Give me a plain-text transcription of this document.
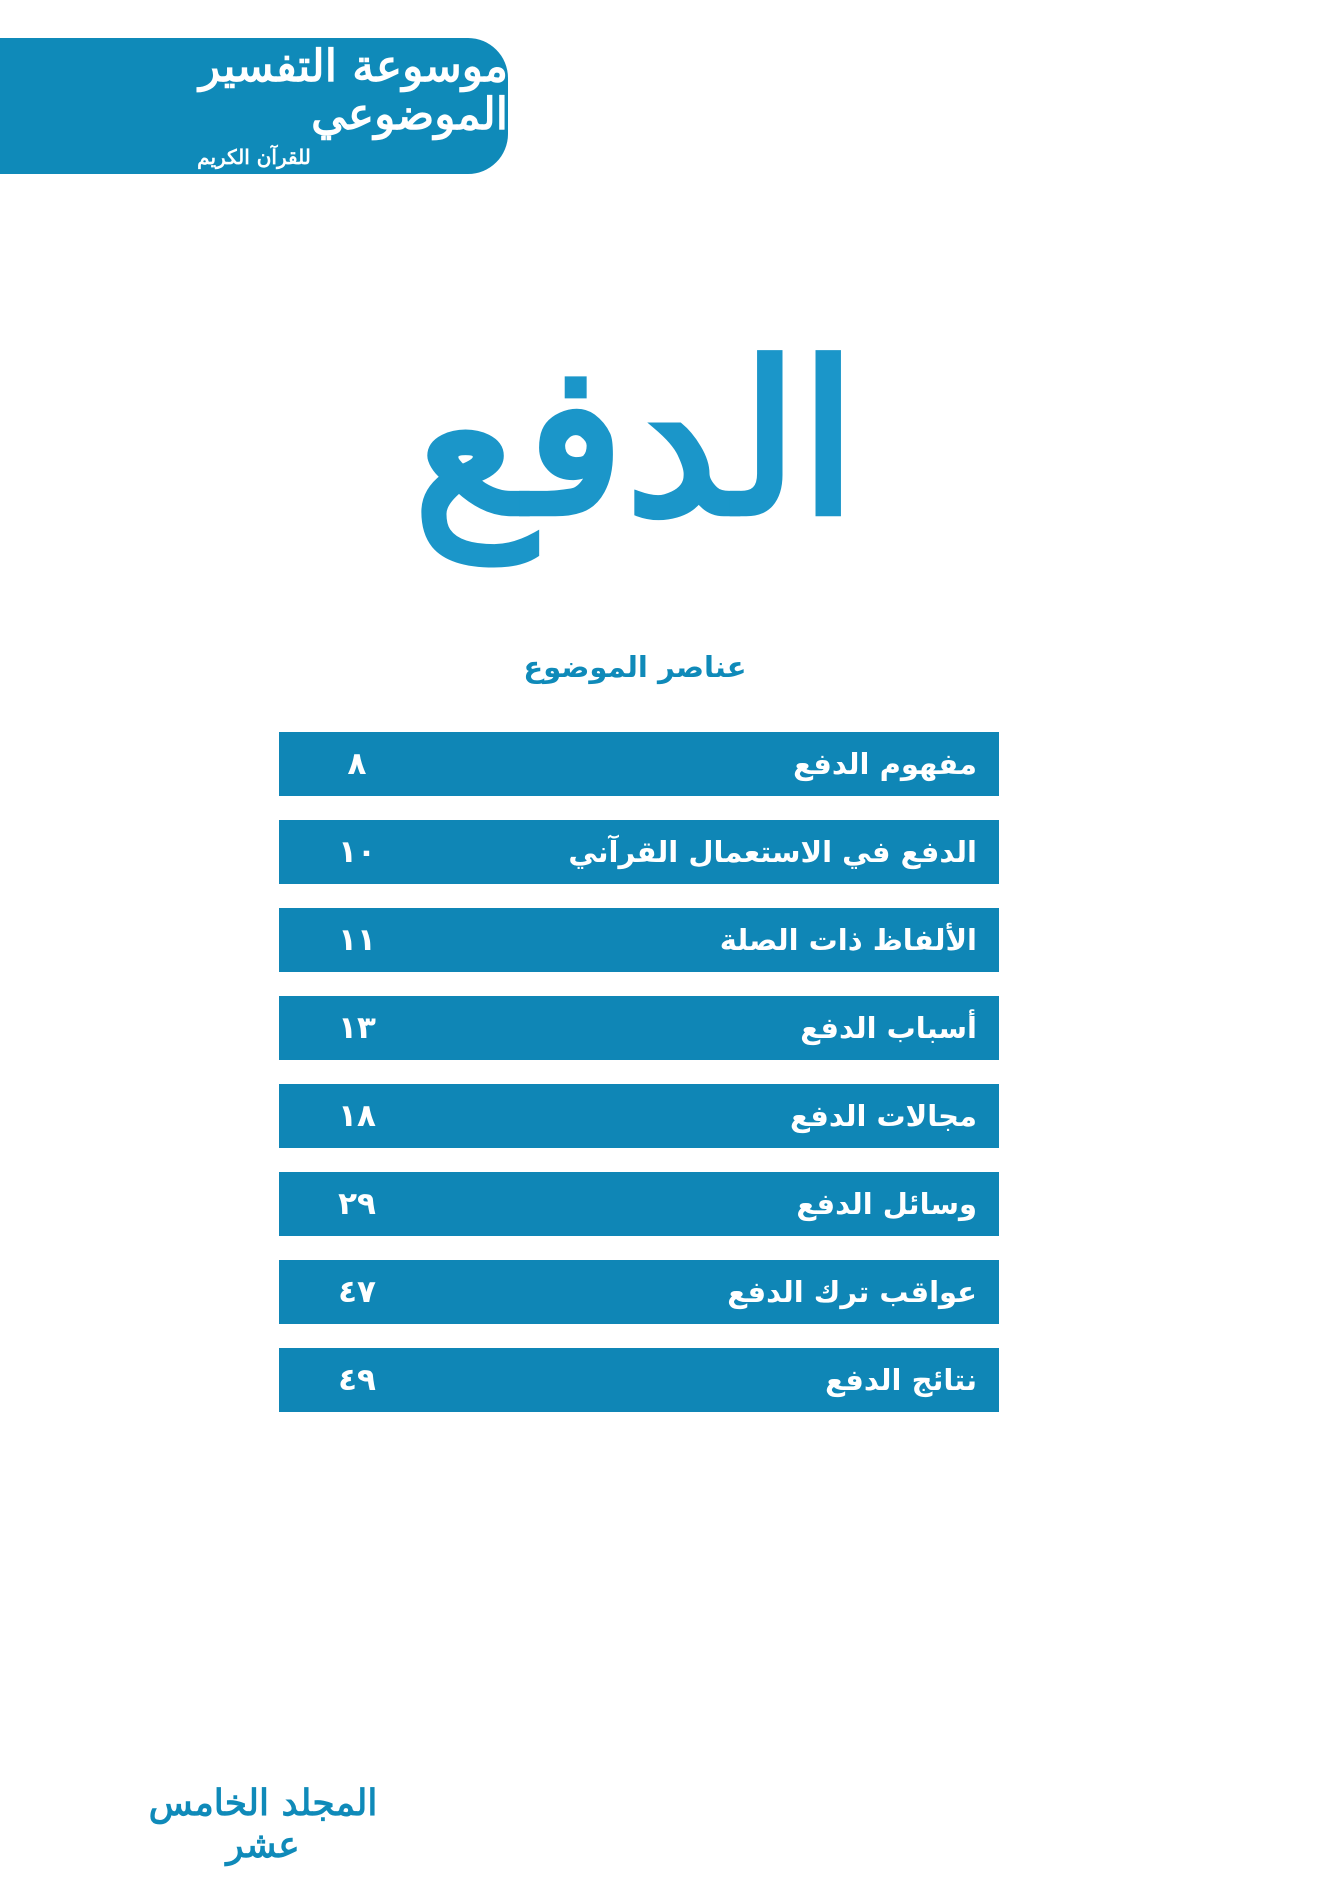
موسوعة التفسير الموضوعي
للقرآن الكريم
الدفع
عناصر الموضوع
٨	مفهوم الدفع
١٠	الدفع في الاستعمال القرآني
١١	الألفاظ ذات الصلة
١٣	أسباب الدفع
١٨	مجالات الدفع
٢٩	وسائل الدفع
٤٧	عواقب ترك الدفع
٤٩	نتائج الدفع
المجلد الخامس عشر
